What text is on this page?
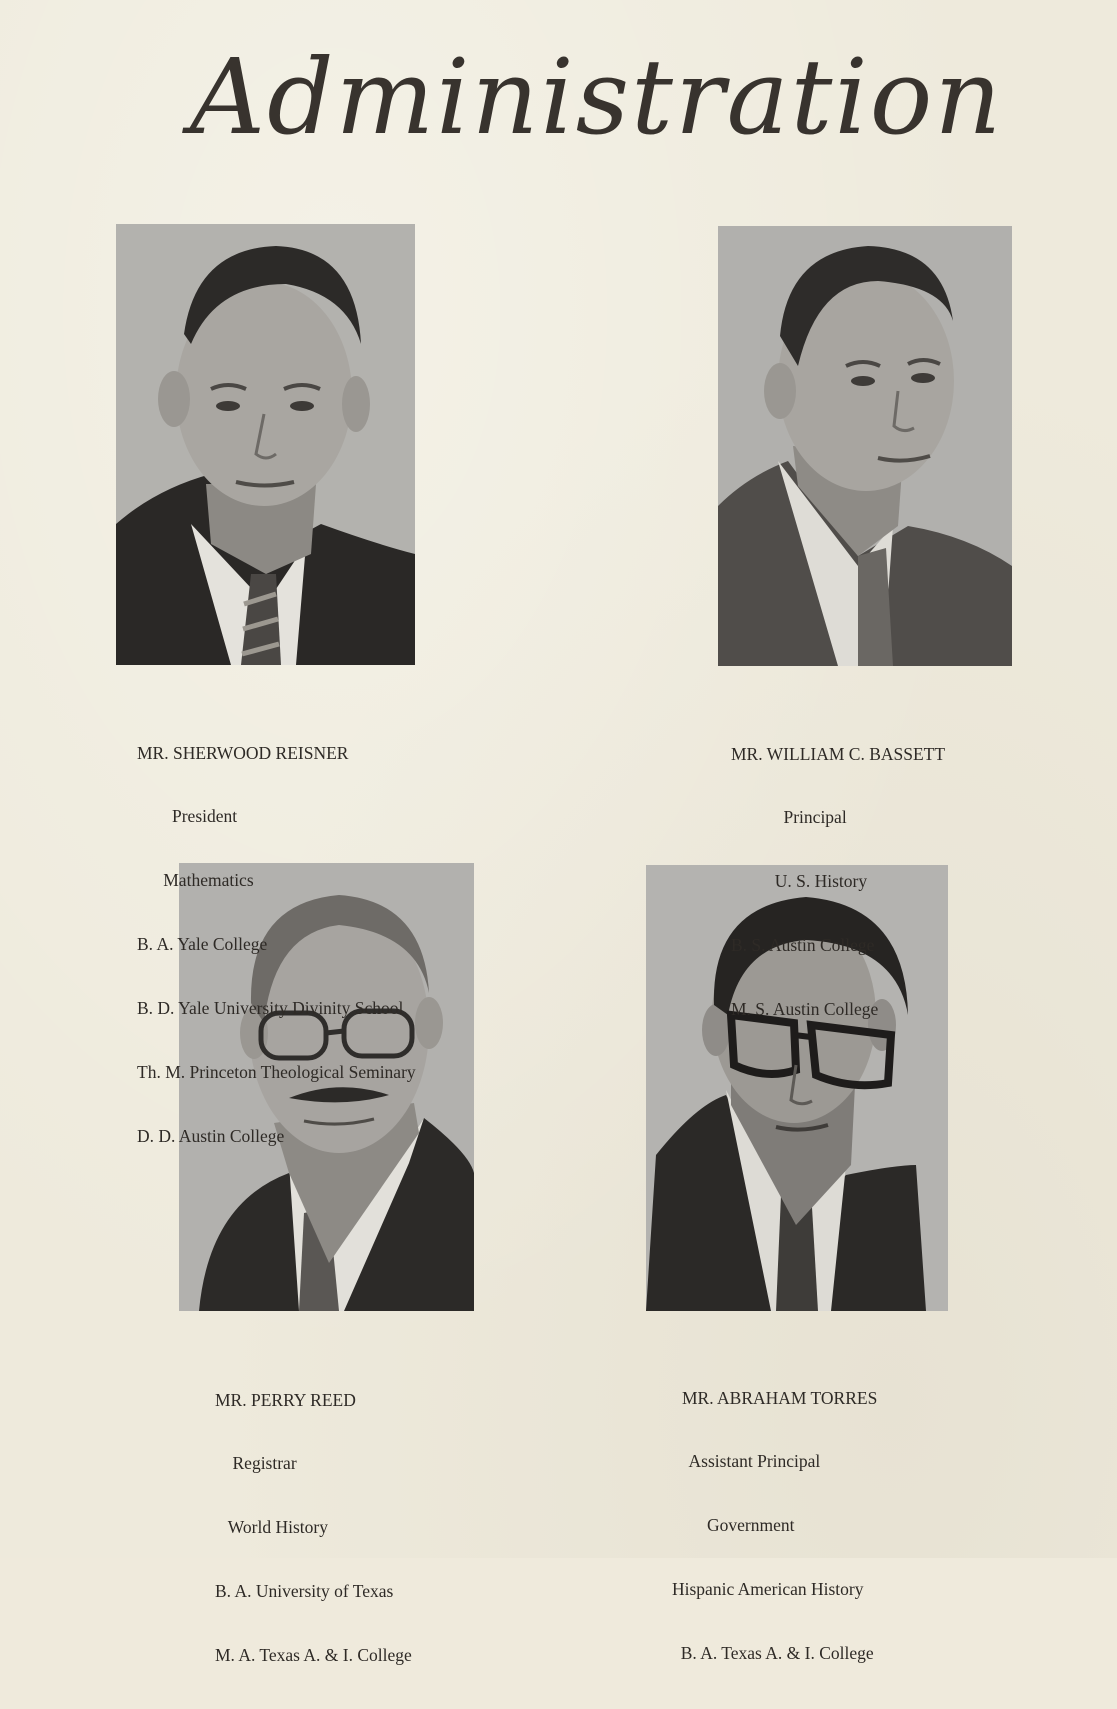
Administration

MR. SHERWOOD REISNER

President

Mathematics

B. A. Yale College

B. D. Yale University Divinity School

Th. M. Princeton Theological Seminary

D. D. Austin College

MR. WILLIAM C. BASSETT

Principal

U. S. History

B. S. Austin College

M. S. Austin College

MR. PERRY REED

Registrar

World History

B. A. University of Texas

M. A. Texas A. & I. College

MR. ABRAHAM TORRES

Assistant Principal

Government

Hispanic American History

B. A. Texas A. & I. College
